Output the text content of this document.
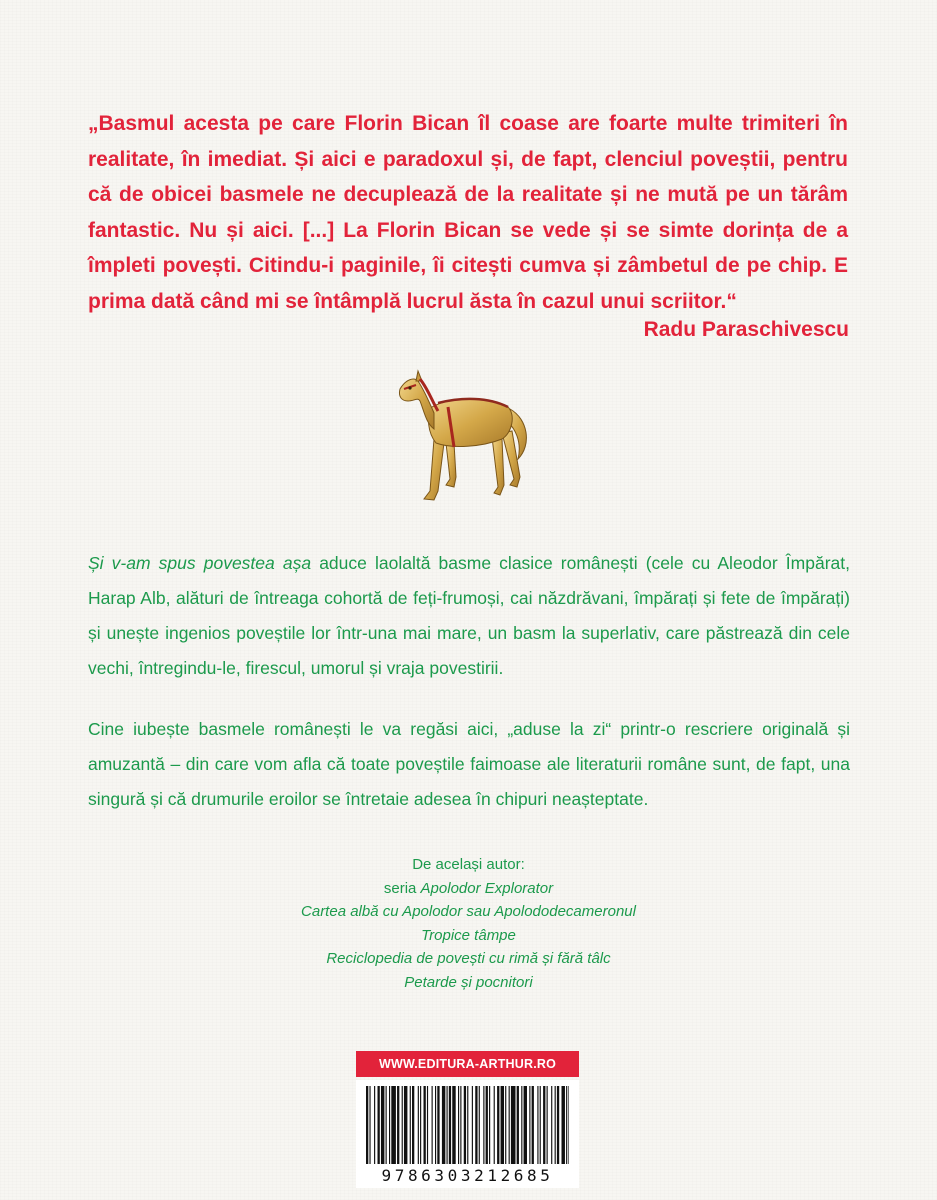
„Basmul acesta pe care Florin Bican îl coase are foarte multe trimiteri în realitate, în imediat. Și aici e paradoxul și, de fapt, clenciul poveștii, pentru că de obicei basmele ne decuplează de la realitate și ne mută pe un tărâm fantastic. Nu și aici. [...] La Florin Bican se vede și se simte dorința de a împleti povești. Citindu-i paginile, îi citești cumva și zâmbetul de pe chip. E prima dată când mi se întâmplă lucrul ăsta în cazul unui scriitor.“

Radu Paraschivescu

Și v-am spus povestea așa aduce laolaltă basme clasice românești (cele cu Aleodor Împărat, Harap Alb, alături de întreaga cohortă de feți-frumoși, cai năzdrăvani, împărați și fete de împărați) și unește ingenios poveștile lor într-una mai mare, un basm la superlativ, care păstrează din cele vechi, întregindu-le, firescul, umorul și vraja povestirii.

Cine iubește basmele românești le va regăsi aici, „aduse la zi“ printr-o rescriere originală și amuzantă – din care vom afla că toate poveștile faimoase ale literaturii române sunt, de fapt, una singură și că drumurile eroilor se întretaie adesea în chipuri neașteptate.

De același autor:
seria Apolodor Explorator
Cartea albă cu Apolodor sau Apolododecameronul
Tropice tâmpe
Reciclopedia de povești cu rimă și fără tâlc
Petarde și pocnitori
WWW.EDITURA-ARTHUR.RO
9786303212685
